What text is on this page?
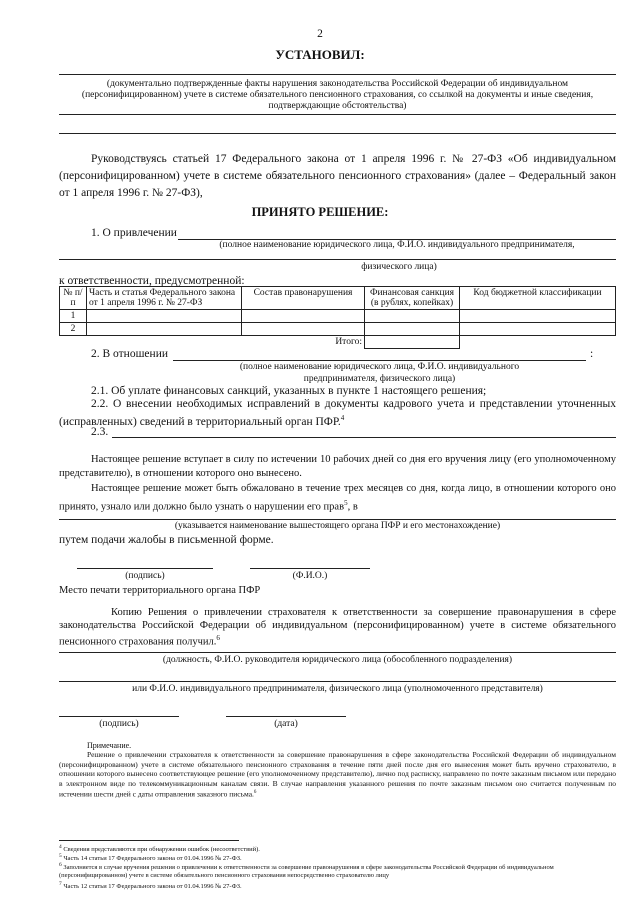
2
УСТАНОВИЛ:
(документально подтвержденные факты нарушения законодательства Российской Федерации об индивидуальном (персонифицированном) учете в системе обязательного пенсионного страхования, со ссылкой на документы и иные сведения, подтверждающие обстоятельства)
Руководствуясь статьей 17 Федерального закона от 1 апреля 1996 г. № 27-ФЗ «Об индивидуальном (персонифицированном) учете в системе обязательного пенсионного страхования» (далее – Федеральный закон от 1 апреля 1996 г. № 27-ФЗ),
ПРИНЯТО РЕШЕНИЕ:
1. О привлечении
(полное наименование юридического лица, Ф.И.О. индивидуального предпринимателя,
физического лица)
к ответственности, предусмотренной:
№ п/п	Часть и статья Федерального закона от 1 апреля 1996 г. № 27-ФЗ	Состав правонарушения	Финансовая санкция (в рублях, копейках)	Код бюджетной классификации
1				
2				
Итого:				
2. В отношении	:
(полное наименование юридического лица, Ф.И.О. индивидуального
предпринимателя, физического лица)
2.1. Об уплате финансовых санкций, указанных в пункте 1 настоящего решения;
2.2. О внесении необходимых исправлений в документы кадрового учета и представлении уточненных (исправленных) сведений в территориальный орган ПФР.$^4$
2.3.
Настоящее решение вступает в силу по истечении 10 рабочих дней со дня его вручения лицу (его уполномоченному представителю), в отношении которого оно вынесено.
Настоящее решение может быть обжаловано в течение трех месяцев со дня, когда лицо, в отношении которого оно принято, узнало или должно было узнать о нарушении его прав$^5$, в
(указывается наименование вышестоящего органа ПФР и его местонахождение)
путем подачи жалобы в письменной форме.
(подпись)	(Ф.И.О.)
Место печати территориального органа ПФР
Копию Решения о привлечении страхователя к ответственности за совершение правонарушения в сфере законодательства Российской Федерации об индивидуальном (персонифицированном) учете в системе обязательного пенсионного страхования получил.$^6$
(должность, Ф.И.О. руководителя юридического лица (обособленного подразделения)
или Ф.И.О. индивидуального предпринимателя, физического лица (уполномоченного представителя)
(подпись)	(дата)
Примечание.
Решение о привлечении страхователя к ответственности за совершение правонарушения в сфере законодательства Российской Федерации об индивидуальном (персонифицированном) учете в системе обязательного пенсионного страхования в течение пяти дней после дня его вынесения может быть вручено страхователю, в отношении которого вынесено соответствующее решение (его уполномоченному представителю), лично под расписку, направлено по почте заказным письмом или передано в электронном виде по телекоммуникационным каналам связи. В случае направления указанного решения по почте заказным письмом оно считается полученным по истечении шести дней с даты отправления заказного письма.$^6$
$^4$ Сведения представляются при обнаружении ошибок (несоответствий).
$^5$ Часть 14 статьи 17 Федерального закона от 01.04.1996 № 27-ФЗ.
$^6$ Заполняется в случае вручения решения о привлечении к ответственности за совершение правонарушения в сфере законодательства Российской Федерации об индивидуальном (персонифицированном) учете в системе обязательного пенсионного страхования непосредственно страхователю лицу
$^7$ Часть 12 статьи 17 Федерального закона от 01.04.1996 № 27-ФЗ.
